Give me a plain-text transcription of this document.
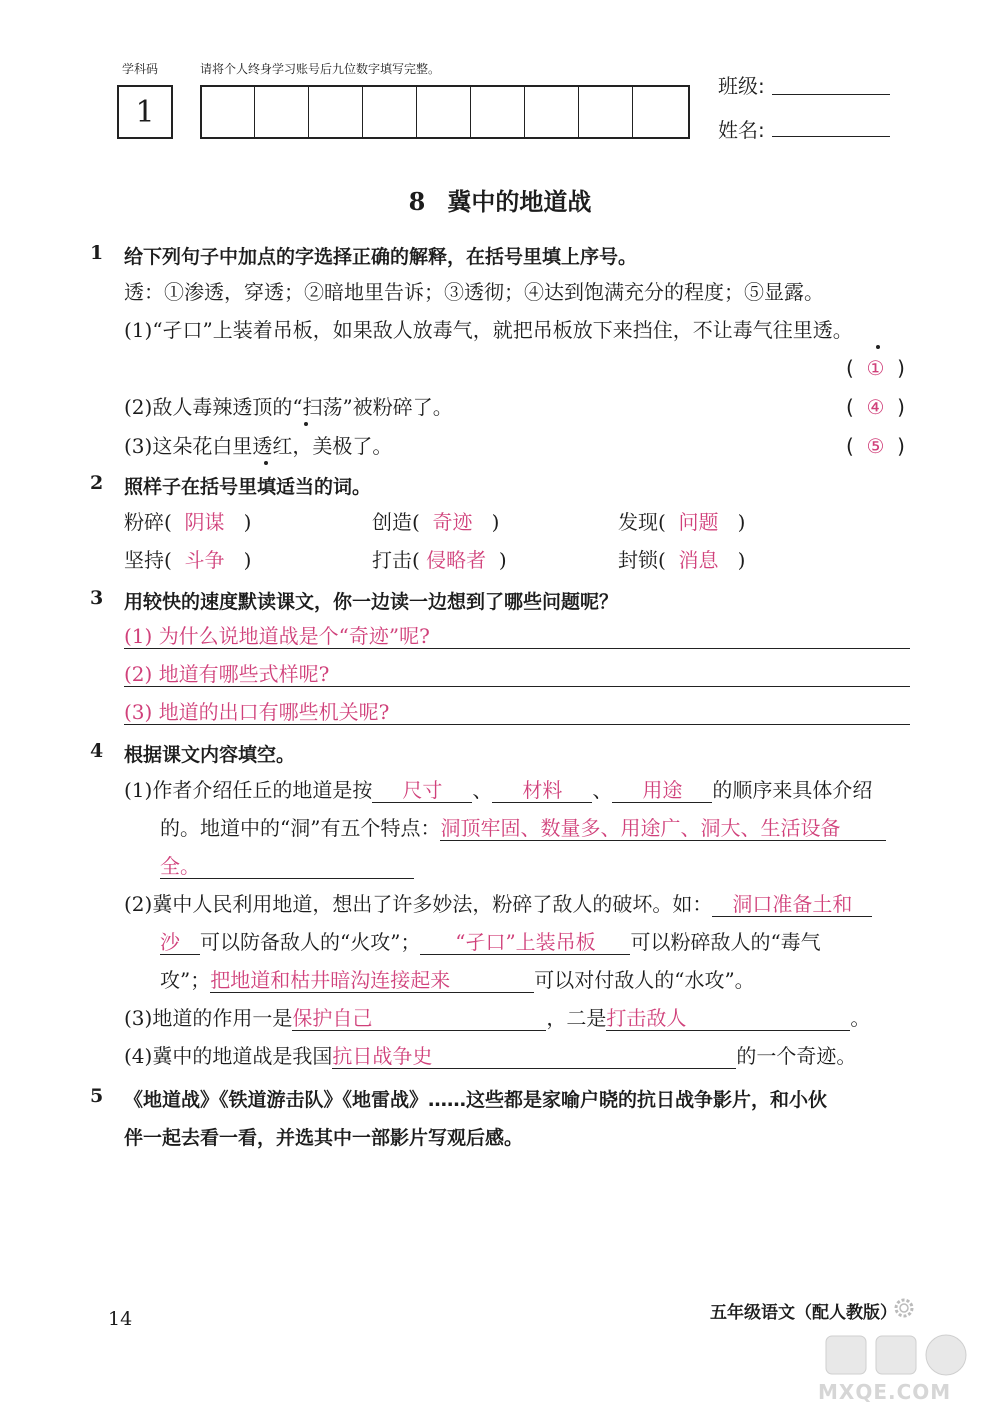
学科码	请将个人终身学习账号后九位数字填写完整。
1
班级:
姓名:
8 冀中的地道战
1 给下列句子中加点的字选择正确的解释，在括号里填上序号。
透：①渗透，穿透；②暗地里告诉；③透彻；④达到饱满充分的程度；⑤显露。
(1)“孑口”上装着吊板，如果敌人放毒气，就把吊板放下来挡住，不让毒气往里透。
(  ①  )
(2)敌人毒辣透顶的“扫荡”被粉碎了。	(  ④  )
(3)这朵花白里透红，美极了。	(  ⑤  )
2 照样子在括号里填适当的词。
粉碎(  阴谋   )	创造(  奇迹   )	发现(  问题   )
坚持(  斗争   )	打击( 侵略者  )	封锁(  消息   )
3 用较快的速度默读课文，你一边读一边想到了哪些问题呢？
(1) 为什么说地道战是个“奇迹”呢?
(2) 地道有哪些式样呢?
(3) 地道的出口有哪些机关呢?
4 根据课文内容填空。
(1)作者介绍任丘的地道是按 尺寸 、 材料 、 用途 的顺序来具体介绍
的。地道中的“洞”有五个特点：洞顶牢固、数量多、用途广、洞大、生活设备
全。
(2)冀中人民利用地道，想出了许多妙法，粉碎了敌人的破坏。如： 洞口准备土和
沙 可以防备敌人的“火攻”； “孑口”上装吊板 可以粉碎敌人的“毒气
攻”；把地道和枯井暗沟连接起来	可以对付敌人的“水攻”。
(3)地道的作用一是保护自己	，二是打击敌人	。
(4)冀中的地道战是我国抗日战争史	的一个奇迹。
5 《地道战》《铁道游击队》《地雷战》……这些都是家喻户晓的抗日战争影片，和小伙
伴一起去看一看，并选其中一部影片写观后感。
14	五年级语文（配人教版）
MXQE.COM
